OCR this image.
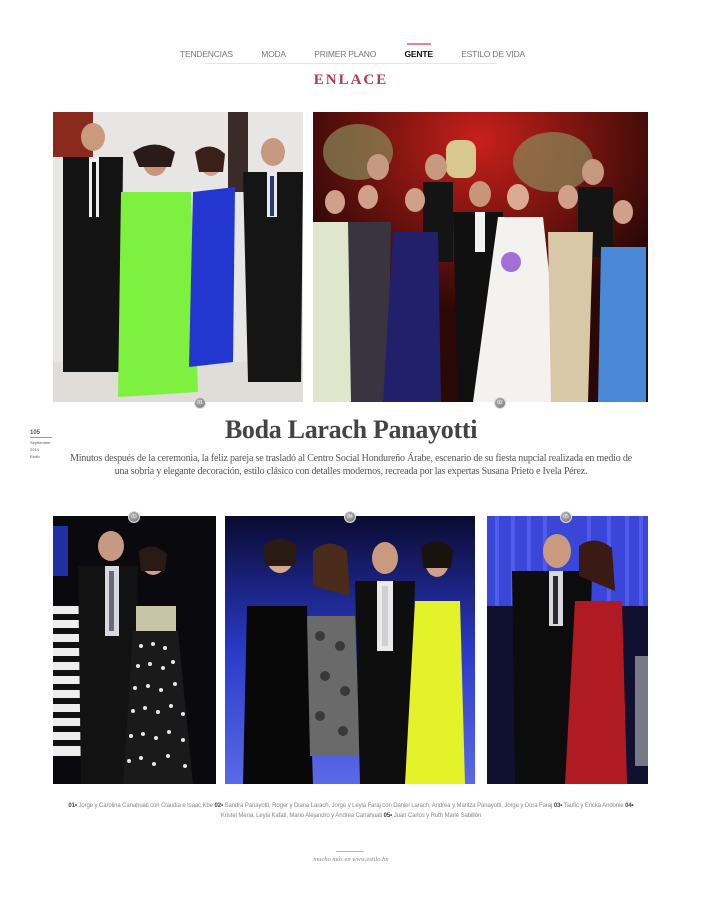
TENDENCIAS	MODA	PRIMER PLANO	GENTE	ESTILO DE VIDA
ENLACE
01	02
105
Septiembre
2014
Estilo
Boda Larach Panayotti

Minutos después de la ceremonia, la feliz pareja se trasladó al Centro Social Hondureño Árabe, escenario de su fiesta nupcial realizada en medio de una sobria y elegante decoración, estilo clásico con detalles modernos, recreada por las expertas Susana Prieto e Ivela Pérez.

03	04	05
01• Jorge y Carolina Canahuati con Claudia e Isaac Kbe 02• Sandra Panayotti, Roger y Diana Larach, Jorge y Leyla Faraj con Daniel Larach, Andrea y Maritza Panayotti, Jorge y Dora Faraj 03• Taufic y Ericka Andonie 04• Kristel Mena, Leyla Kafati, Mario Alejandro y Andrea Canahuati 05• Juan Carlos y Ruth Marie Sabillón
mucho más en www.estilo.hn
